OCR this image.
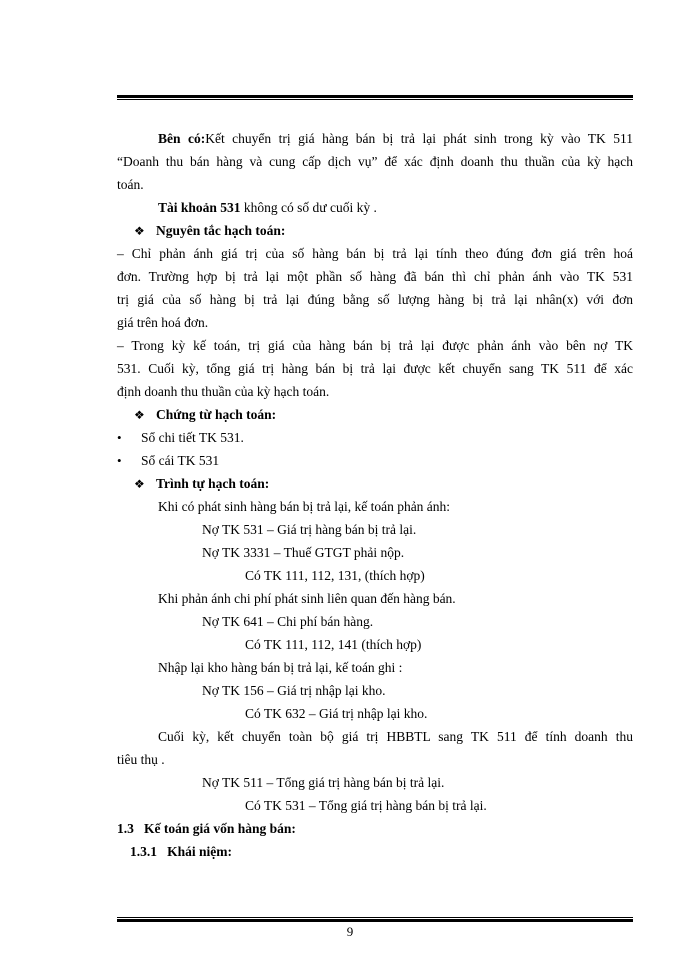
Bên có:Kết chuyển trị giá hàng bán bị trả lại phát sinh trong kỳ vào TK 511
“Doanh thu bán hàng và cung cấp dịch vụ” để xác định doanh thu thuần của kỳ hạch
toán.
Tài khoản 531 không có số dư cuối kỳ .
❖ Nguyên tắc hạch toán:
– Chỉ phản ánh giá trị của số hàng bán bị trả lại tính theo đúng đơn giá trên hoá
đơn. Trường hợp bị trả lại một phần số hàng đã bán thì chỉ phản ánh vào TK 531
trị giá của số hàng bị trả lại đúng bằng số lượng hàng bị trả lại nhân(x) với đơn
giá trên hoá đơn.
– Trong kỳ kế toán, trị giá của hàng bán bị trả lại được phản ánh vào bên nợ TK
531. Cuối kỳ, tổng giá trị hàng bán bị trả lại được kết chuyển sang TK 511 để xác
định doanh thu thuần của kỳ hạch toán.
❖ Chứng từ hạch toán:
• Sổ chi tiết TK 531.
• Sổ cái TK 531
❖ Trình tự hạch toán:
Khi có phát sinh hàng bán bị trả lại, kế toán phản ánh:
Nợ TK 531 – Giá trị hàng bán bị trả lại.
Nợ TK 3331 – Thuế GTGT phải nộp.
Có TK 111, 112, 131, (thích hợp)
Khi phản ánh chi phí phát sinh liên quan đến hàng bán.
Nợ TK 641 – Chi phí bán hàng.
Có TK 111, 112, 141 (thích hợp)
Nhập lại kho hàng bán bị trả lại, kế toán ghi :
Nợ TK 156 – Giá trị nhập lại kho.
Có TK 632 – Giá trị nhập lại kho.
Cuối kỳ, kết chuyển toàn bộ giá trị HBBTL sang TK 511 để tính doanh thu
tiêu thụ .
Nợ TK 511 – Tổng giá trị hàng bán bị trả lại.
Có TK 531 – Tổng giá trị hàng bán bị trả lại.
1.3   Kế toán giá vốn hàng bán:
1.3.1   Khái niệm:
9
